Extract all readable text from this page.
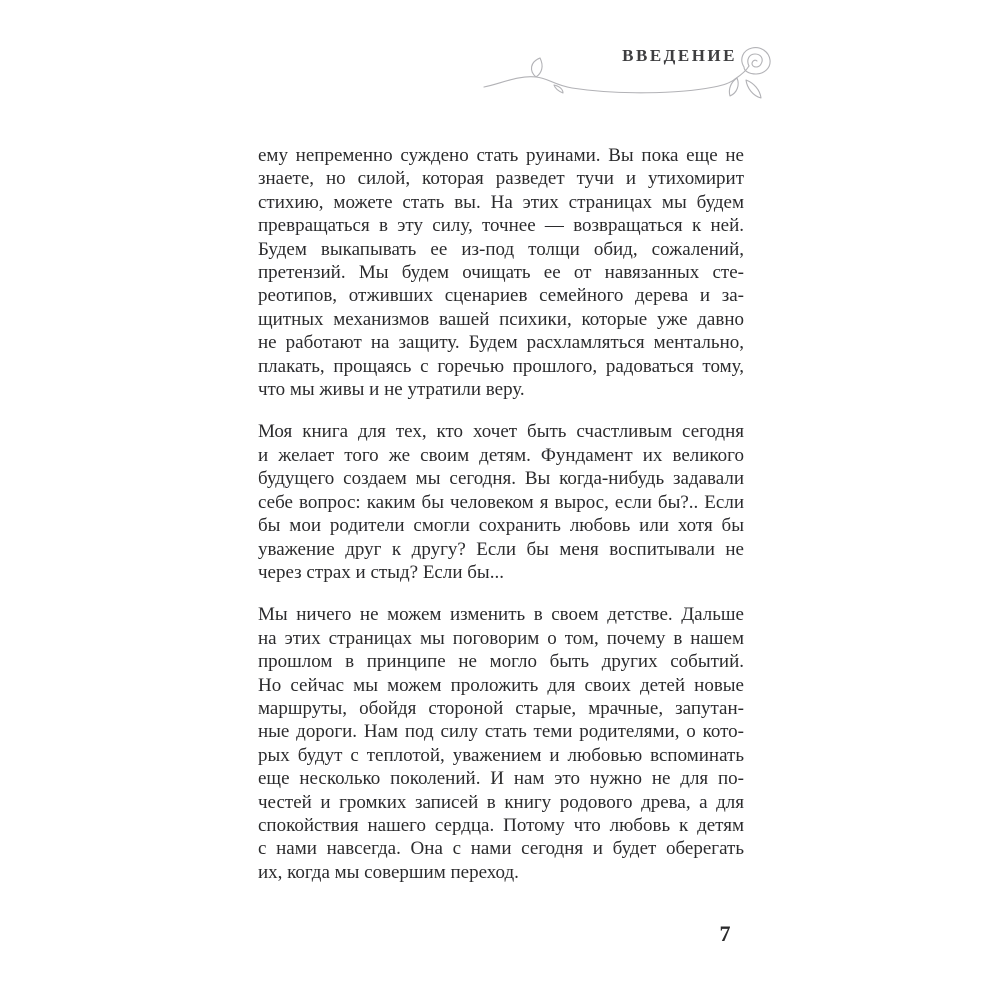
ВВЕДЕНИЕ
ему непременно суждено стать руинами. Вы пока еще не
знаете, но силой, которая разведет тучи и утихомирит
стихию, можете стать вы. На этих страницах мы будем
превращаться в эту силу, точнее — возвращаться к ней.
Будем выкапывать ее из-под толщи обид, сожалений,
претензий. Мы будем очищать ее от навязанных сте-
реотипов, отживших сценариев семейного дерева и за-
щитных механизмов вашей психики, которые уже давно
не работают на защиту. Будем расхламляться ментально,
плакать, прощаясь с горечью прошлого, радоваться тому,
что мы живы и не утратили веру.
Моя книга для тех, кто хочет быть счастливым сегодня
и желает того же своим детям. Фундамент их великого
будущего создаем мы сегодня. Вы когда-нибудь задавали
себе вопрос: каким бы человеком я вырос, если бы?.. Если
бы мои родители смогли сохранить любовь или хотя бы
уважение друг к другу? Если бы меня воспитывали не
через страх и стыд? Если бы...
Мы ничего не можем изменить в своем детстве. Дальше
на этих страницах мы поговорим о том, почему в нашем
прошлом в принципе не могло быть других событий.
Но сейчас мы можем проложить для своих детей новые
маршруты, обойдя стороной старые, мрачные, запутан-
ные дороги. Нам под силу стать теми родителями, о кото-
рых будут с теплотой, уважением и любовью вспоминать
еще несколько поколений. И нам это нужно не для по-
честей и громких записей в книгу родового древа, а для
спокойствия нашего сердца. Потому что любовь к детям
с нами навсегда. Она с нами сегодня и будет оберегать
их, когда мы совершим переход.
7
